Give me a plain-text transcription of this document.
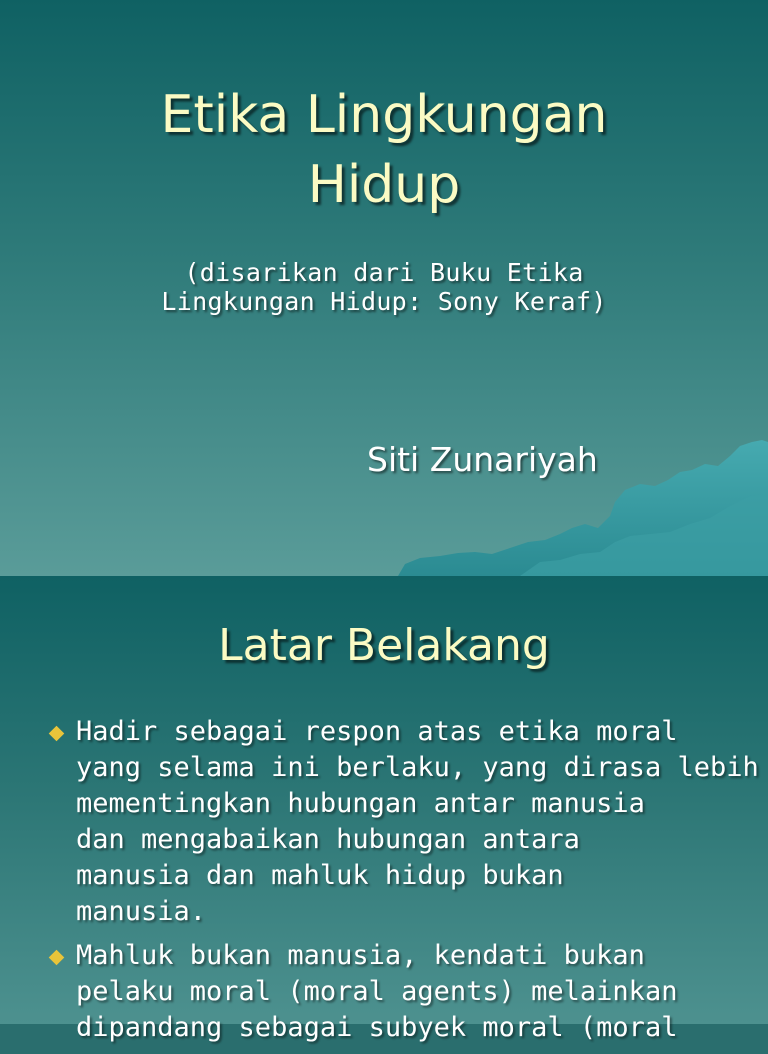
Etika Lingkungan
Hidup
(disarikan dari Buku Etika
Lingkungan Hidup: Sony Keraf)
Siti Zunariyah
Latar Belakang
Hadir sebagai respon atas etika moral
yang selama ini berlaku, yang dirasa lebih
mementingkan hubungan antar manusia
dan mengabaikan hubungan antara
manusia dan mahluk hidup bukan
manusia.
Mahluk bukan manusia, kendati bukan
pelaku moral (moral agents) melainkan
dipandang sebagai subyek moral (moral
